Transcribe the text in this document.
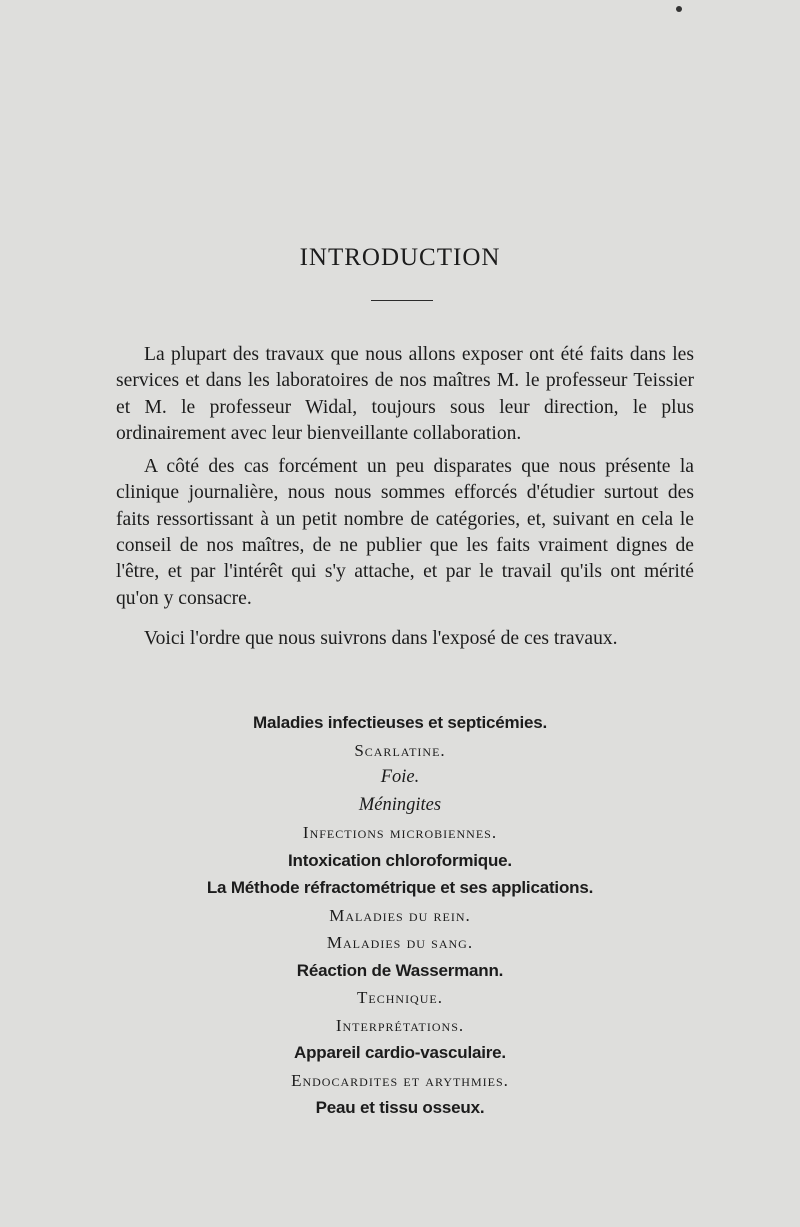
INTRODUCTION

La plupart des travaux que nous allons exposer ont été faits dans les services et dans les laboratoires de nos maîtres M. le professeur Teissier et M. le professeur Widal, toujours sous leur direction, le plus ordinairement avec leur bienveillante collaboration.

A côté des cas forcément un peu disparates que nous présente la clinique journalière, nous nous sommes efforcés d'étudier surtout des faits ressortissant à un petit nombre de catégories, et, suivant en cela le conseil de nos maîtres, de ne publier que les faits vraiment dignes de l'être, et par l'intérêt qui s'y attache, et par le travail qu'ils ont mérité qu'on y consacre.

Voici l'ordre que nous suivrons dans l'exposé de ces travaux.

Maladies infectieuses et septicémies.
Scarlatine.
Foie.
Méningites
Infections microbiennes.
Intoxication chloroformique.
La Méthode réfractométrique et ses applications.
Maladies du rein.
Maladies du sang.
Réaction de Wassermann.
Technique.
Interprétations.
Appareil cardio-vasculaire.
Endocardites et arythmies.
Peau et tissu osseux.
